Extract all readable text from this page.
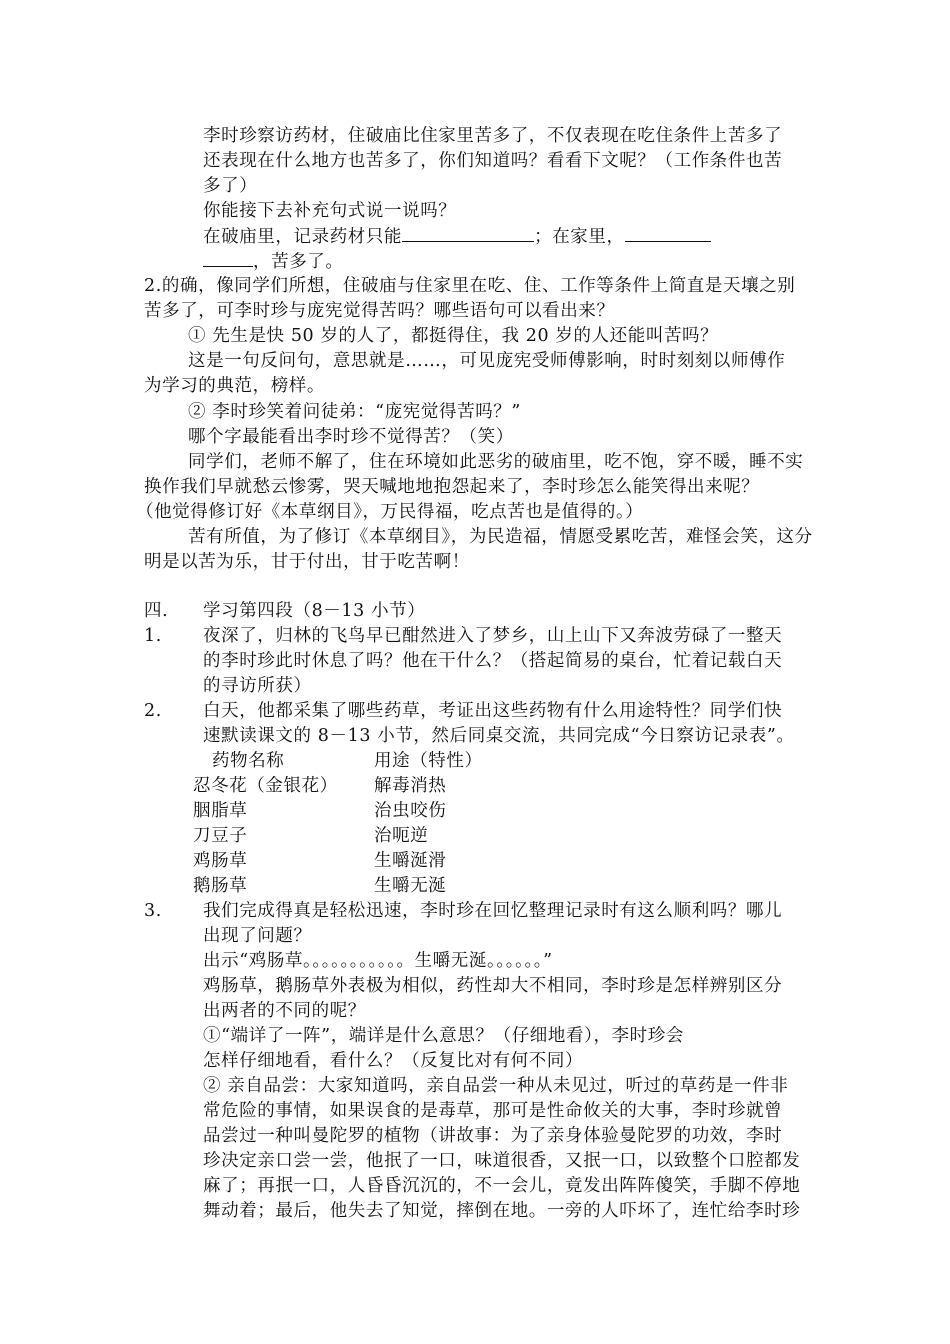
李时珍察访药材，住破庙比住家里苦多了，不仅表现在吃住条件上苦多了
还表现在什么地方也苦多了，你们知道吗？看看下文呢？（工作条件也苦
多了）
你能接下去补充句式说一说吗？
在破庙里，记录药材只能	；在家里，
，苦多了。
2.的确，像同学们所想，住破庙与住家里在吃、住、工作等条件上简直是天壤之别
苦多了，可李时珍与庞宪觉得苦吗？哪些语句可以看出来？
① 先生是快 50 岁的人了，都挺得住，我 20 岁的人还能叫苦吗？
这是一句反问句，意思就是……，可见庞宪受师傅影响，时时刻刻以师傅作
为学习的典范，榜样。
② 李时珍笑着问徒弟：“庞宪觉得苦吗？”
哪个字最能看出李时珍不觉得苦？（笑）
同学们，老师不解了，住在环境如此恶劣的破庙里，吃不饱，穿不暖，睡不实
换作我们早就愁云惨雾，哭天喊地地抱怨起来了，李时珍怎么能笑得出来呢？
（他觉得修订好《本草纲目》，万民得福，吃点苦也是值得的。）
苦有所值，为了修订《本草纲目》，为民造福，情愿受累吃苦，难怪会笑，这分
明是以苦为乐，甘于付出，甘于吃苦啊！
四. 学习第四段（8－13 小节）
1. 夜深了，归林的飞鸟早已酣然进入了梦乡，山上山下又奔波劳碌了一整天
的李时珍此时休息了吗？他在干什么？（搭起简易的桌台，忙着记载白天
的寻访所获）
2. 白天，他都采集了哪些药草，考证出这些药物有什么用途特性？同学们快
速默读课文的 8－13 小节，然后同桌交流，共同完成“今日察访记录表”。
药物名称	用途（特性）
忍冬花（金银花） 解毒消热
胭脂草	治虫咬伤
刀豆子	治呃逆
鸡肠草	生嚼涎滑
鹅肠草	生嚼无涎
3. 我们完成得真是轻松迅速，李时珍在回忆整理记录时有这么顺利吗？哪儿
出现了问题？
出示“鸡肠草。。。。。。。。。。。生嚼无涎。。。。。。”
鸡肠草，鹅肠草外表极为相似，药性却大不相同，李时珍是怎样辨别区分
出两者的不同的呢？
①“端详了一阵”，端详是什么意思？（仔细地看），李时珍会
怎样仔细地看，看什么？（反复比对有何不同）
② 亲自品尝：大家知道吗，亲自品尝一种从未见过，听过的草药是一件非
常危险的事情，如果误食的是毒草，那可是性命攸关的大事，李时珍就曾
品尝过一种叫曼陀罗的植物（讲故事：为了亲身体验曼陀罗的功效，李时
珍决定亲口尝一尝，他抿了一口，味道很香，又抿一口，以致整个口腔都发
麻了；再抿一口，人昏昏沉沉的，不一会儿，竟发出阵阵傻笑，手脚不停地
舞动着；最后，他失去了知觉，摔倒在地。一旁的人吓坏了，连忙给李时珍
